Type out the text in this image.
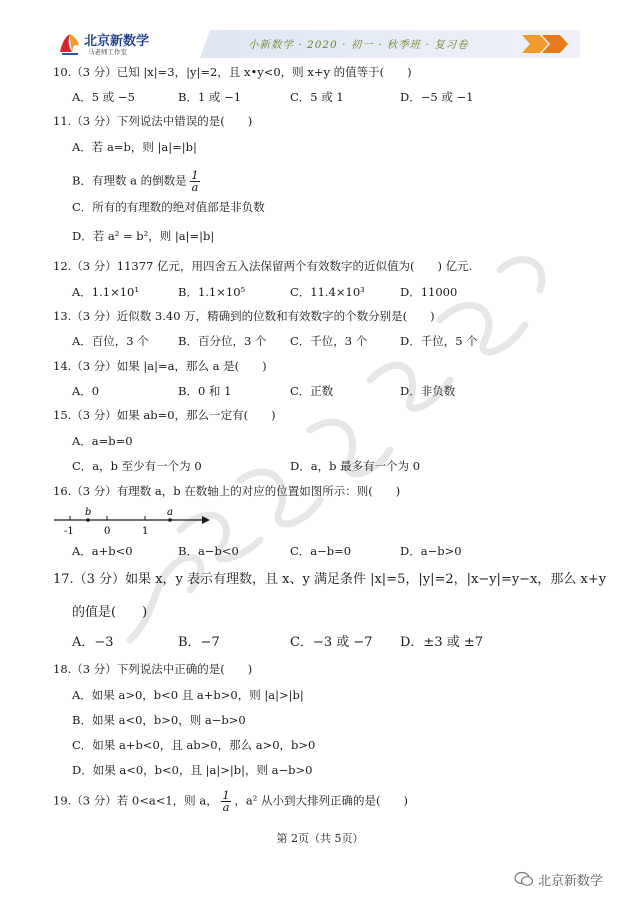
北京新数学
马老师工作室
小新数学 · 2020 · 初一 · 秋季班 · 复习卷
10.（3 分）已知 |x|=3，|y|=2，且 x•y<0，则 x+y 的值等于(　　)
A．5 或 −5	B．1 或 −1	C．5 或 1	D．−5 或 −1
11.（3 分）下列说法中错误的是(　　)
A．若 a=b，则 |a|=|b|
B．有理数 a 的倒数是 $\frac{1}{a}$
C．所有的有理数的绝对值部是非负数
D．若 a² = b²，则 |a|=|b|
12.（3 分）11377 亿元，用四舍五入法保留两个有效数字的近似值为(　　) 亿元.
A．1.1×10¹	B．1.1×10⁵	C．11.4×10³	D．11000
13.（3 分）近似数 3.40 万，精确到的位数和有效数字的个数分别是(　　)
A．百位，3 个	B．百分位，3 个 C．千位，3 个	D．千位，5 个
14.（3 分）如果 |a|=a，那么 a 是(　　)
A．0	B．0 和 1	C．正数	D．非负数
15.（3 分）如果 ab=0，那么一定有(　　)
A．a=b=0
C．a，b 至少有一个为 0	D．a，b 最多有一个为 0
16.（3 分）有理数 a，b 在数轴上的对应的位置如图所示：则(　　)
b	a
-1	0	1
A．a+b<0	B．a−b<0	C．a−b=0	D．a−b>0
17.（3 分）如果 x，y 表示有理数，且 x、y 满足条件 |x|=5，|y|=2，|x−y|=y−x，那么 x+y
的值是(　　)
A．−3	B．−7	C．−3 或 −7 D．±3 或 ±7
18.（3 分）下列说法中正确的是(　　)
A．如果 a>0，b<0 且 a+b>0，则 |a|>|b|
B．如果 a<0，b>0，则 a−b>0
C．如果 a+b<0，且 ab>0，那么 a>0，b>0
D．如果 a<0，b<0，且 |a|>|b|，则 a−b>0
19.（3 分）若 0<a<1，则 a， $\frac{1}{a}$ ，a² 从小到大排列正确的是(　　)
第 2页（共 5页）
北京新数学
